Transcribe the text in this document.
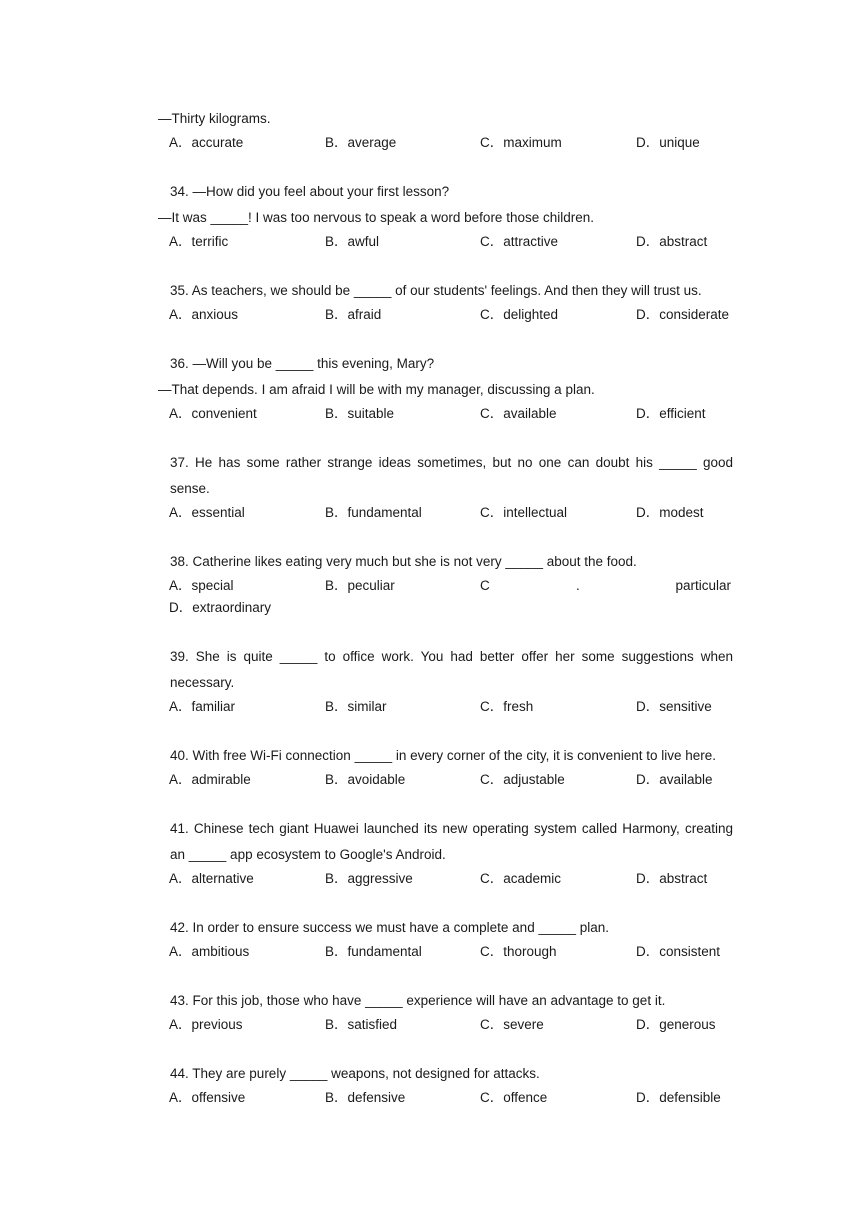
—Thirty kilograms.
A．accurate	B．average	C．maximum	D．unique
34. —How did you feel about your first lesson?
—It was _____! I was too nervous to speak a word before those children.
A．terrific	B．awful	C．attractive	D．abstract
35. As teachers, we should be _____ of our students' feelings. And then they will trust us.
A．anxious	B．afraid	C．delighted	D．considerate
36. —Will you be _____ this evening, Mary?
—That depends. I am afraid I will be with my manager, discussing a plan.
A．convenient	B．suitable	C．available	D．efficient
37. He has some rather strange ideas sometimes, but no one can doubt his _____ good sense.
A．essential	B．fundamental	C．intellectual	D．modest
38. Catherine likes eating very much but she is not very _____ about the food.
A．special	B．peculiar	C	.	particular
D．extraordinary
39. She is quite _____ to office work. You had better offer her some suggestions when necessary.
A．familiar	B．similar	C．fresh	D．sensitive
40. With free Wi-Fi connection _____ in every corner of the city, it is convenient to live here.
A．admirable	B．avoidable	C．adjustable	D．available
41. Chinese tech giant Huawei launched its new operating system called Harmony, creating an _____ app ecosystem to Google's Android.
A．alternative	B．aggressive	C．academic	D．abstract
42. In order to ensure success we must have a complete and _____ plan.
A．ambitious	B．fundamental	C．thorough	D．consistent
43. For this job, those who have _____ experience will have an advantage to get it.
A．previous	B．satisfied	C．severe	D．generous
44. They are purely _____ weapons, not designed for attacks.
A．offensive	B．defensive	C．offence	D．defensible
